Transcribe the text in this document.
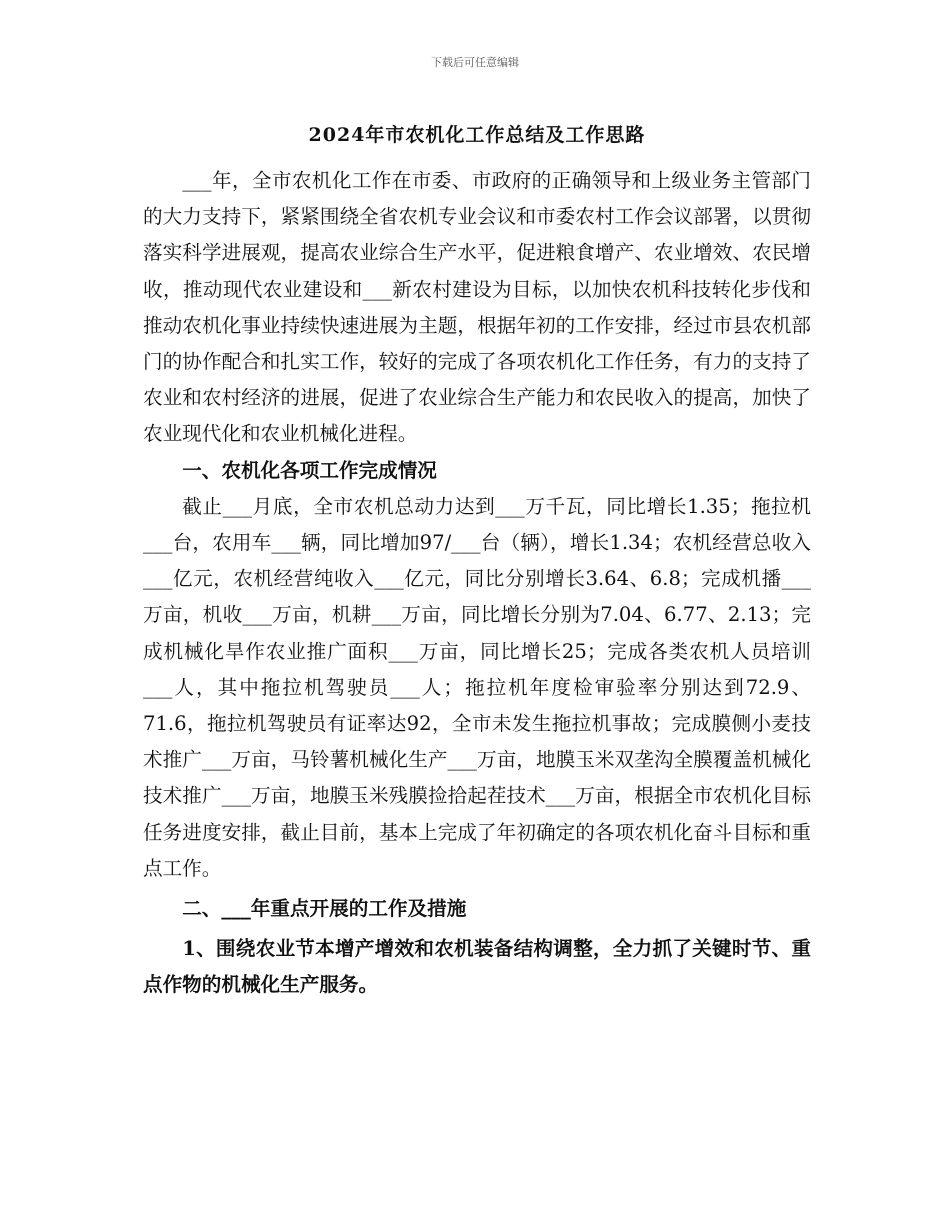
下载后可任意编辑
2024年市农机化工作总结及工作思路

___年，全市农机化工作在市委、市政府的正确领导和上级业务主管部门的大力支持下，紧紧围绕全省农机专业会议和市委农村工作会议部署，以贯彻落实科学进展观，提高农业综合生产水平，促进粮食增产、农业增效、农民增收，推动现代农业建设和___新农村建设为目标，以加快农机科技转化步伐和推动农机化事业持续快速进展为主题，根据年初的工作安排，经过市县农机部门的协作配合和扎实工作，较好的完成了各项农机化工作任务，有力的支持了农业和农村经济的进展，促进了农业综合生产能力和农民收入的提高，加快了农业现代化和农业机械化进程。

一、农机化各项工作完成情况

截止___月底，全市农机总动力达到___万千瓦，同比增长1.35；拖拉机___台，农用车___辆，同比增加97/___台（辆），增长1.34；农机经营总收入___亿元，农机经营纯收入___亿元，同比分别增长3.64、6.8；完成机播___万亩，机收___万亩，机耕___万亩，同比增长分别为7.04、6.77、2.13；完成机械化旱作农业推广面积___万亩，同比增长25；完成各类农机人员培训___人，其中拖拉机驾驶员___人；拖拉机年度检审验率分别达到72.9、71.6，拖拉机驾驶员有证率达92，全市未发生拖拉机事故；完成膜侧小麦技术推广___万亩，马铃薯机械化生产___万亩，地膜玉米双垄沟全膜覆盖机械化技术推广___万亩，地膜玉米残膜捡拾起茬技术___万亩，根据全市农机化目标任务进度安排，截止目前，基本上完成了年初确定的各项农机化奋斗目标和重点工作。

二、___年重点开展的工作及措施

1、围绕农业节本增产增效和农机装备结构调整，全力抓了关键时节、重点作物的机械化生产服务。
